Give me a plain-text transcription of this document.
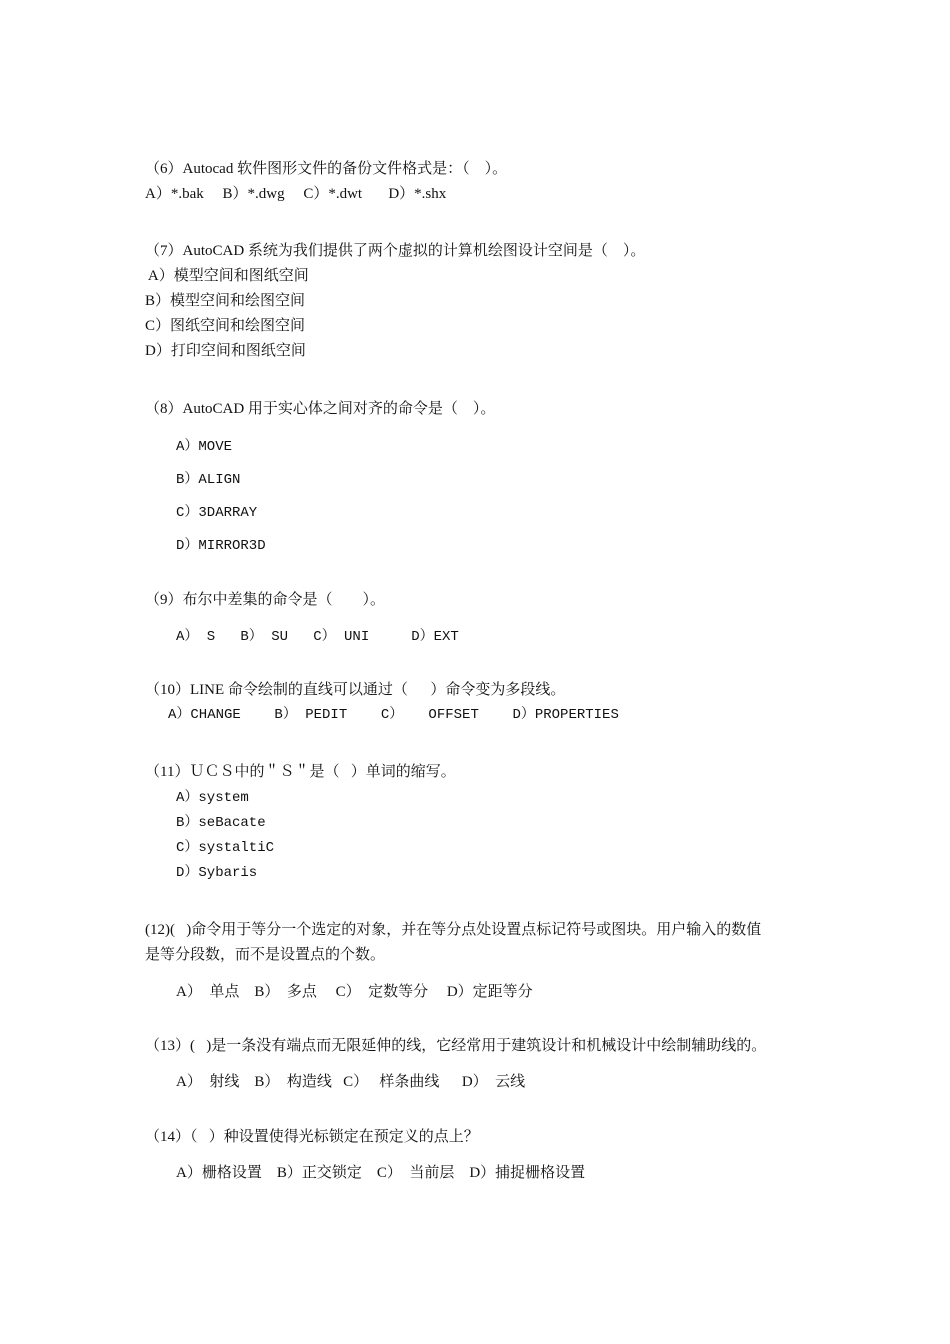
（6）Autocad 软件图形文件的备份文件格式是：（    ）。
A）*.bak     B）*.dwg     C）*.dwt       D）*.shx
（7）AutoCAD 系统为我们提供了两个虚拟的计算机绘图设计空间是（    ）。
A）模型空间和图纸空间
B）模型空间和绘图空间
C）图纸空间和绘图空间
D）打印空间和图纸空间
（8）AutoCAD 用于实心体之间对齐的命令是（    ）。
A）MOVE
B）ALIGN
C）3DARRAY
D）MIRROR3D
（9）布尔中差集的命令是（        ）。
A） S   B） SU   C） UNI     D）EXT
（10）LINE 命令绘制的直线可以通过（      ）命令变为多段线。
A）CHANGE    B） PEDIT    C）   OFFSET    D）PROPERTIES
（11）ＵＣＳ中的＂Ｓ＂是（   ）单词的缩写。
A）system
B）seBacate
C）systaltiC
D）Sybaris
(12)(   )命令用于等分一个选定的对象，并在等分点处设置点标记符号或图块。用户输入的数值
是等分段数，而不是设置点的个数。
A）  单点    B）  多点     C）  定数等分     D）定距等分
（13）(   )是一条没有端点而无限延伸的线，它经常用于建筑设计和机械设计中绘制辅助线的。
A）  射线    B）  构造线   C）   样条曲线      D）  云线
（14）（   ）种设置使得光标锁定在预定义的点上？
A）栅格设置    B）正交锁定    C）  当前层    D）捕捉栅格设置
